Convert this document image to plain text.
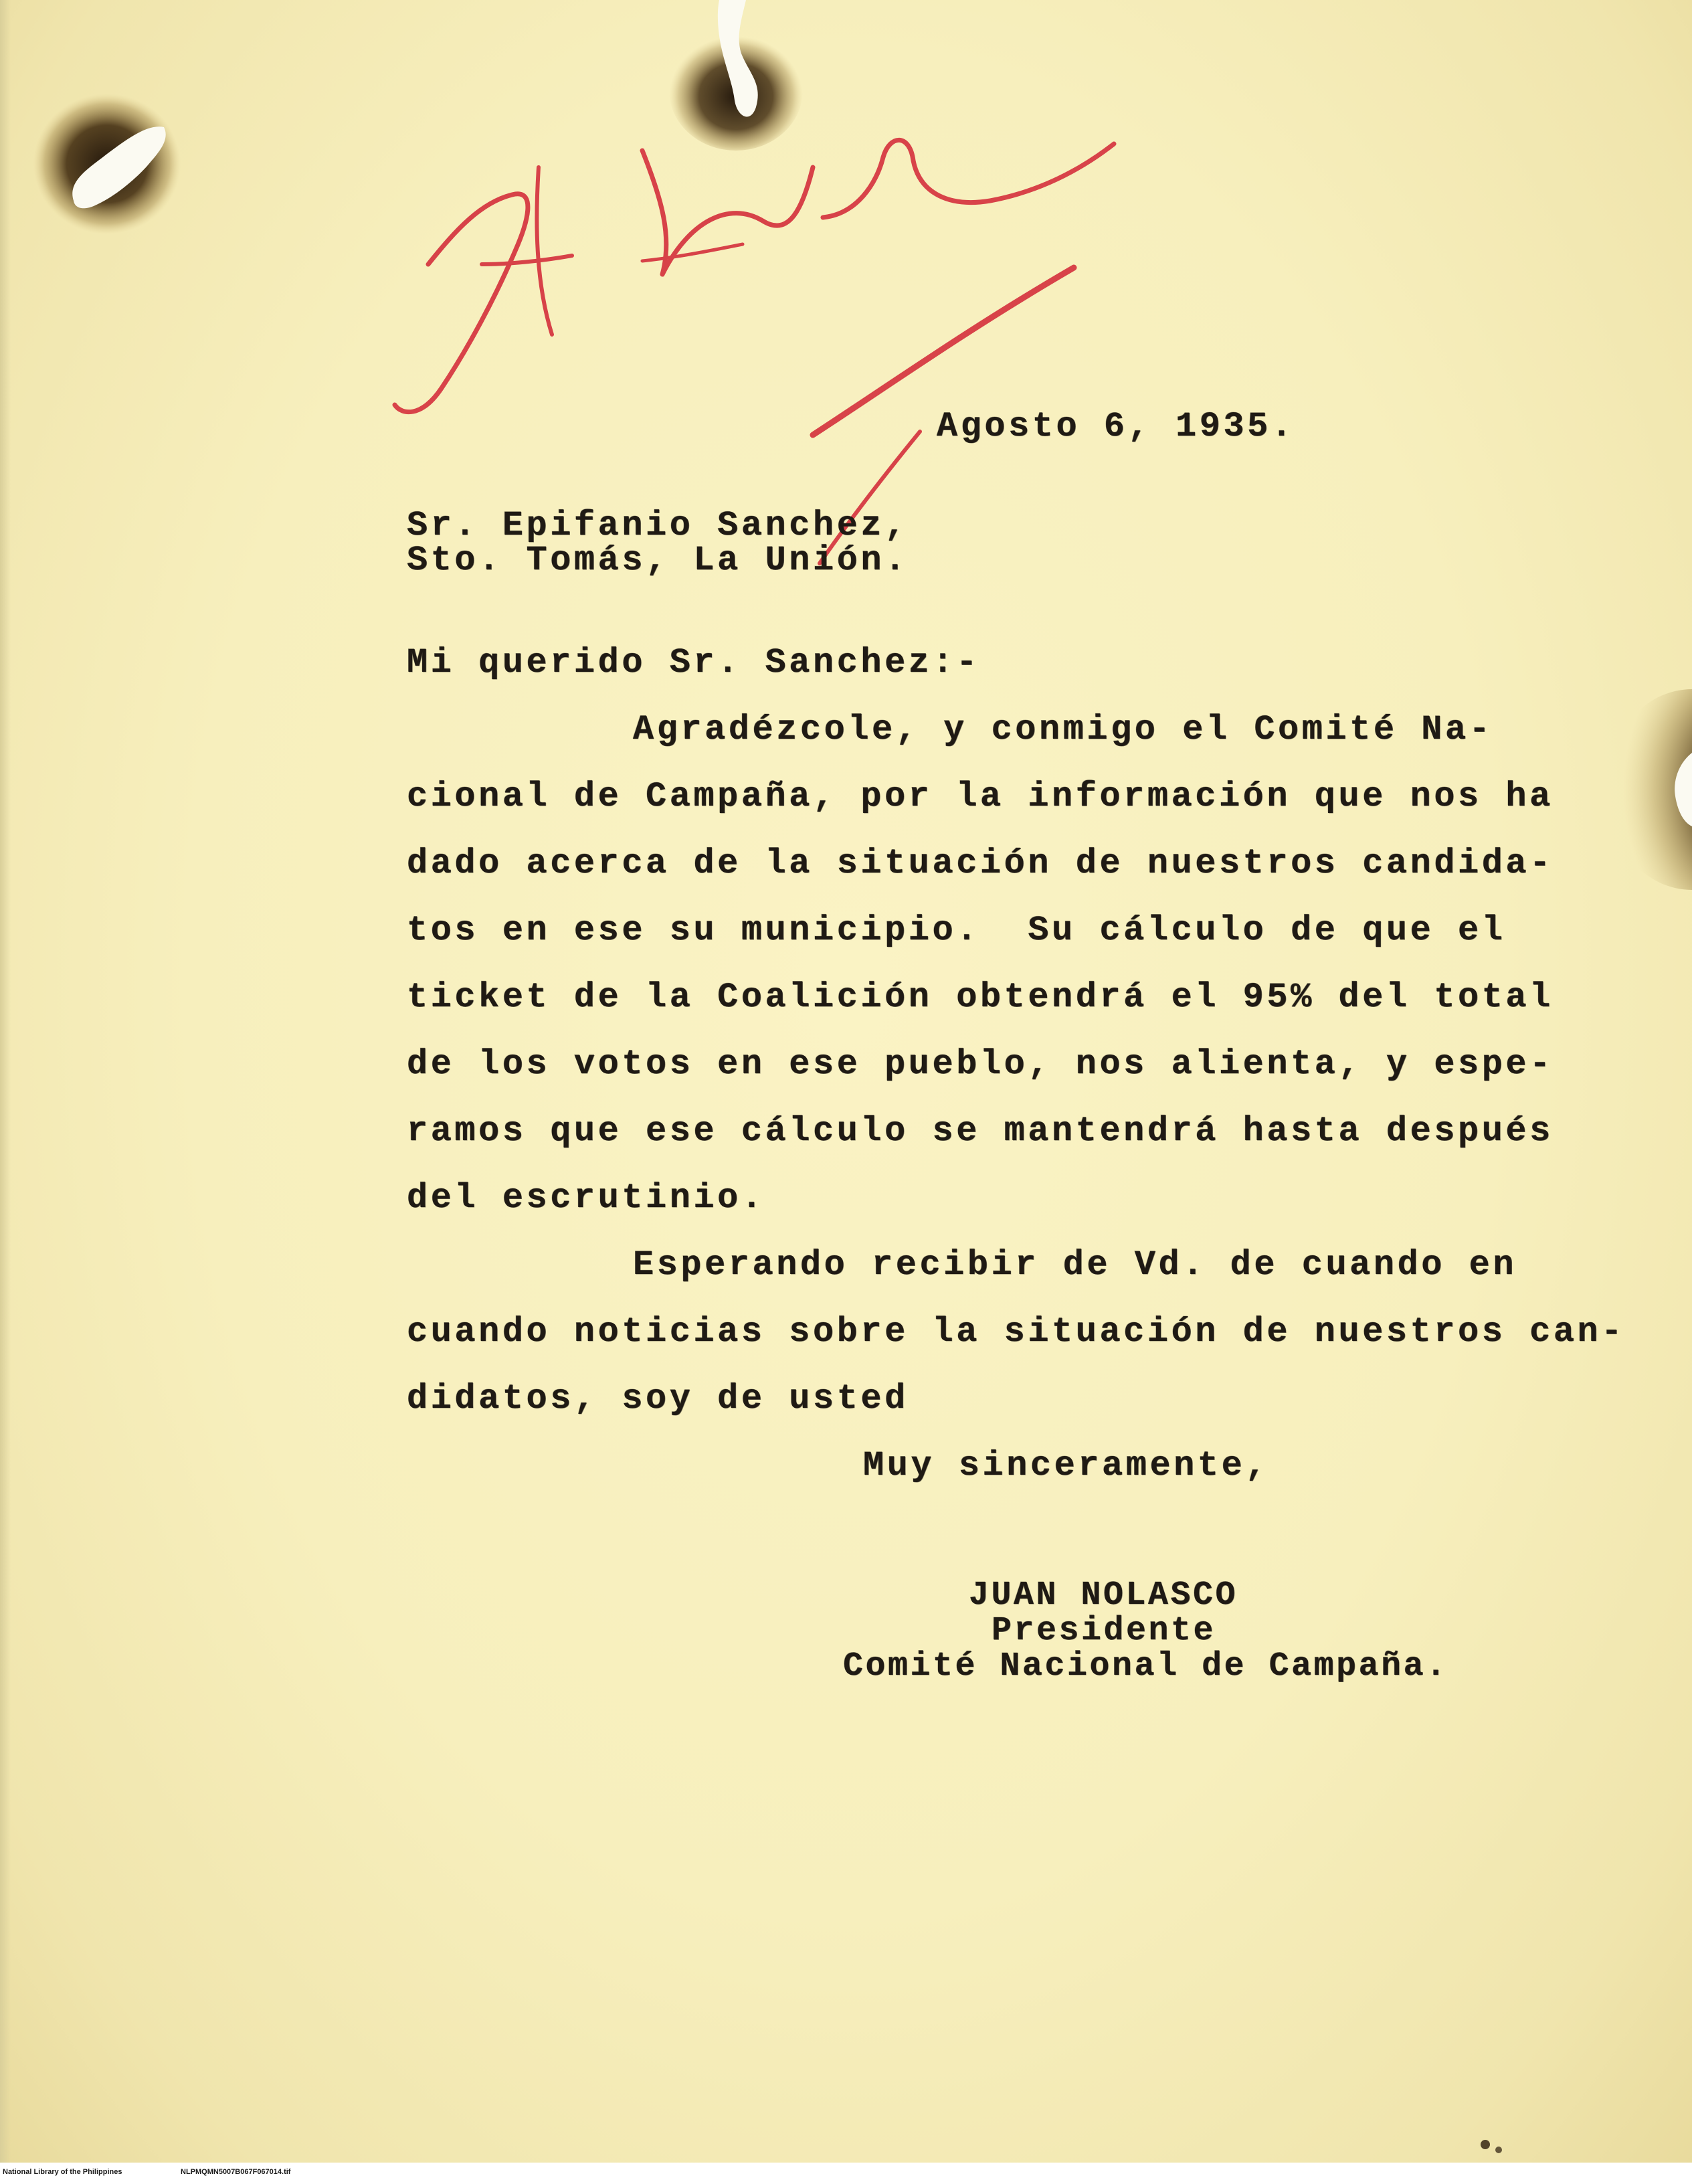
Agosto 6, 1935.
Sr. Epifanio Sanchez,
Sto. Tomás, La Unión.
Mi querido Sr. Sanchez:-
Agradézcole, y conmigo el Comité Na-
cional de Campaña, por la información que nos ha
dado acerca de la situación de nuestros candida-
tos en ese su municipio.  Su cálculo de que el
ticket de la Coalición obtendrá el 95% del total
de los votos en ese pueblo, nos alienta, y espe-
ramos que ese cálculo se mantendrá hasta después
del escrutinio.
Esperando recibir de Vd. de cuando en
cuando noticias sobre la situación de nuestros can-
didatos, soy de usted
Muy sinceramente,
JUAN NOLASCO
Presidente
Comité Nacional de Campaña.
National Library of the Philippines	NLPMQMN5007B067F067014.tif
